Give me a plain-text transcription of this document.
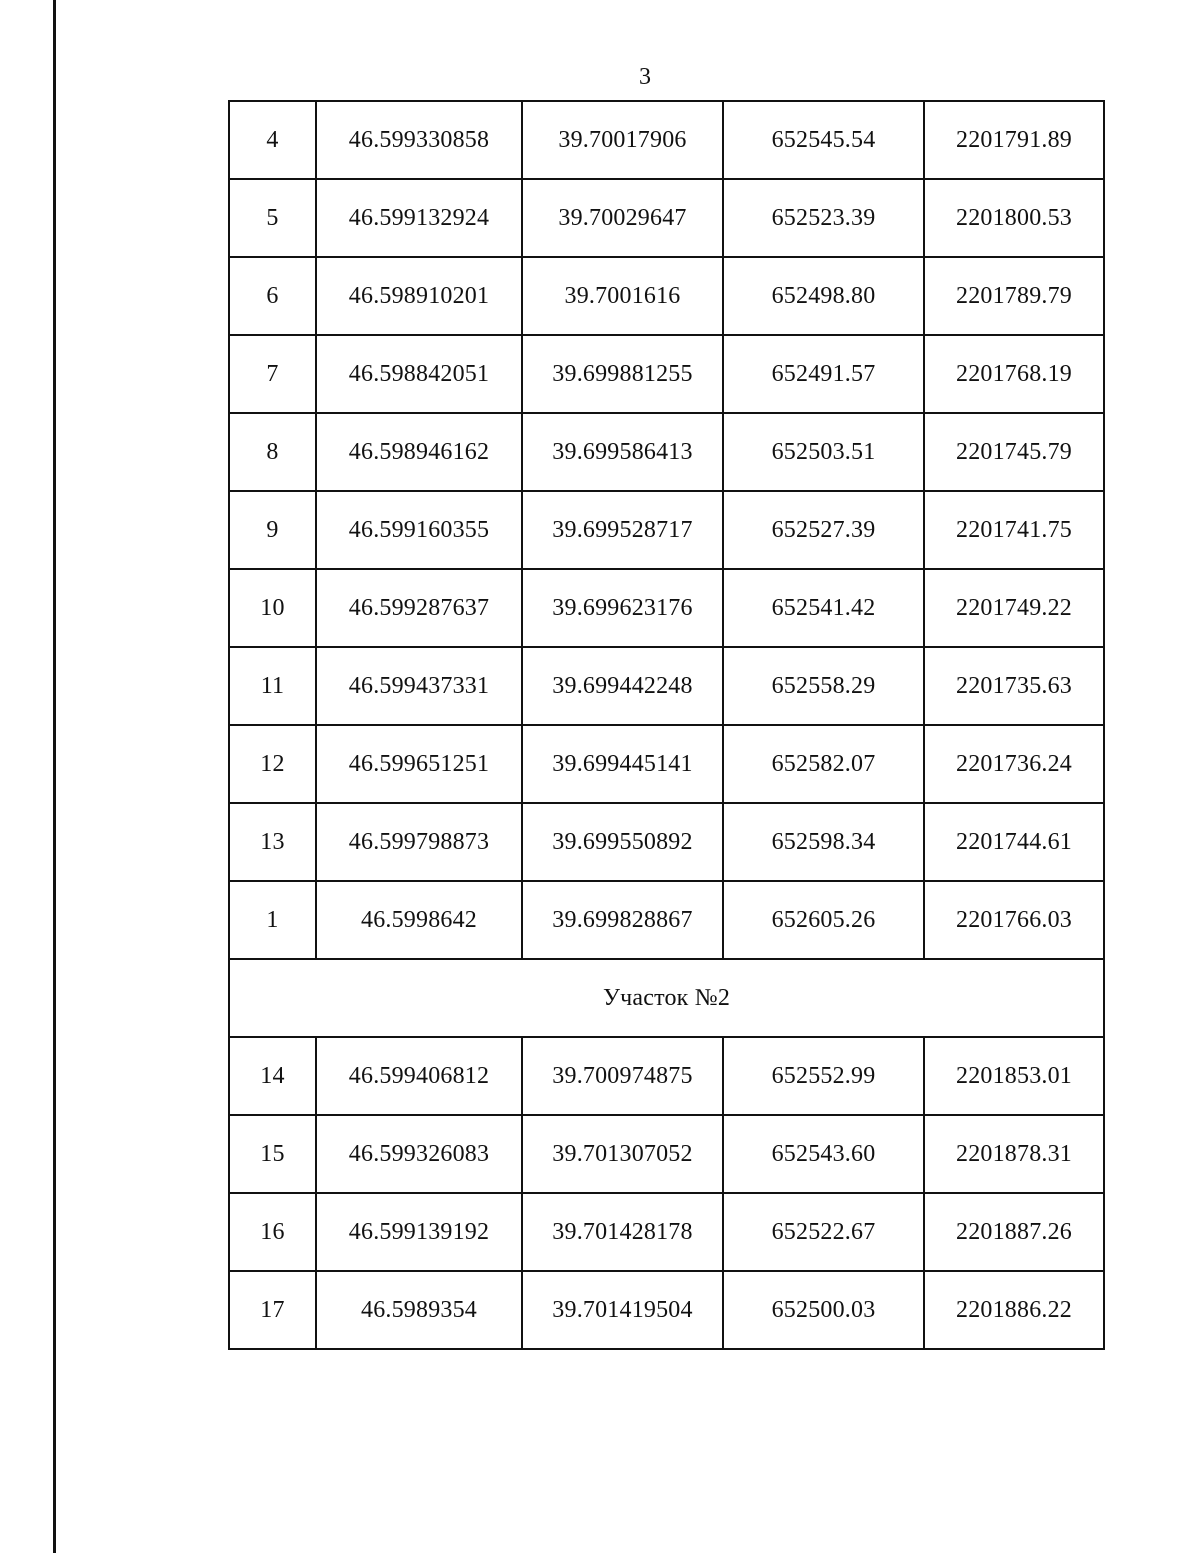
3
4	46.599330858	39.70017906	652545.54	2201791.89
5	46.599132924	39.70029647	652523.39	2201800.53
6	46.598910201	39.7001616	652498.80	2201789.79
7	46.598842051	39.699881255	652491.57	2201768.19
8	46.598946162	39.699586413	652503.51	2201745.79
9	46.599160355	39.699528717	652527.39	2201741.75
10	46.599287637	39.699623176	652541.42	2201749.22
11	46.599437331	39.699442248	652558.29	2201735.63
12	46.599651251	39.699445141	652582.07	2201736.24
13	46.599798873	39.699550892	652598.34	2201744.61
1	46.5998642	39.699828867	652605.26	2201766.03
Участок №2				
14	46.599406812	39.700974875	652552.99	2201853.01
15	46.599326083	39.701307052	652543.60	2201878.31
16	46.599139192	39.701428178	652522.67	2201887.26
17	46.5989354	39.701419504	652500.03	2201886.22
